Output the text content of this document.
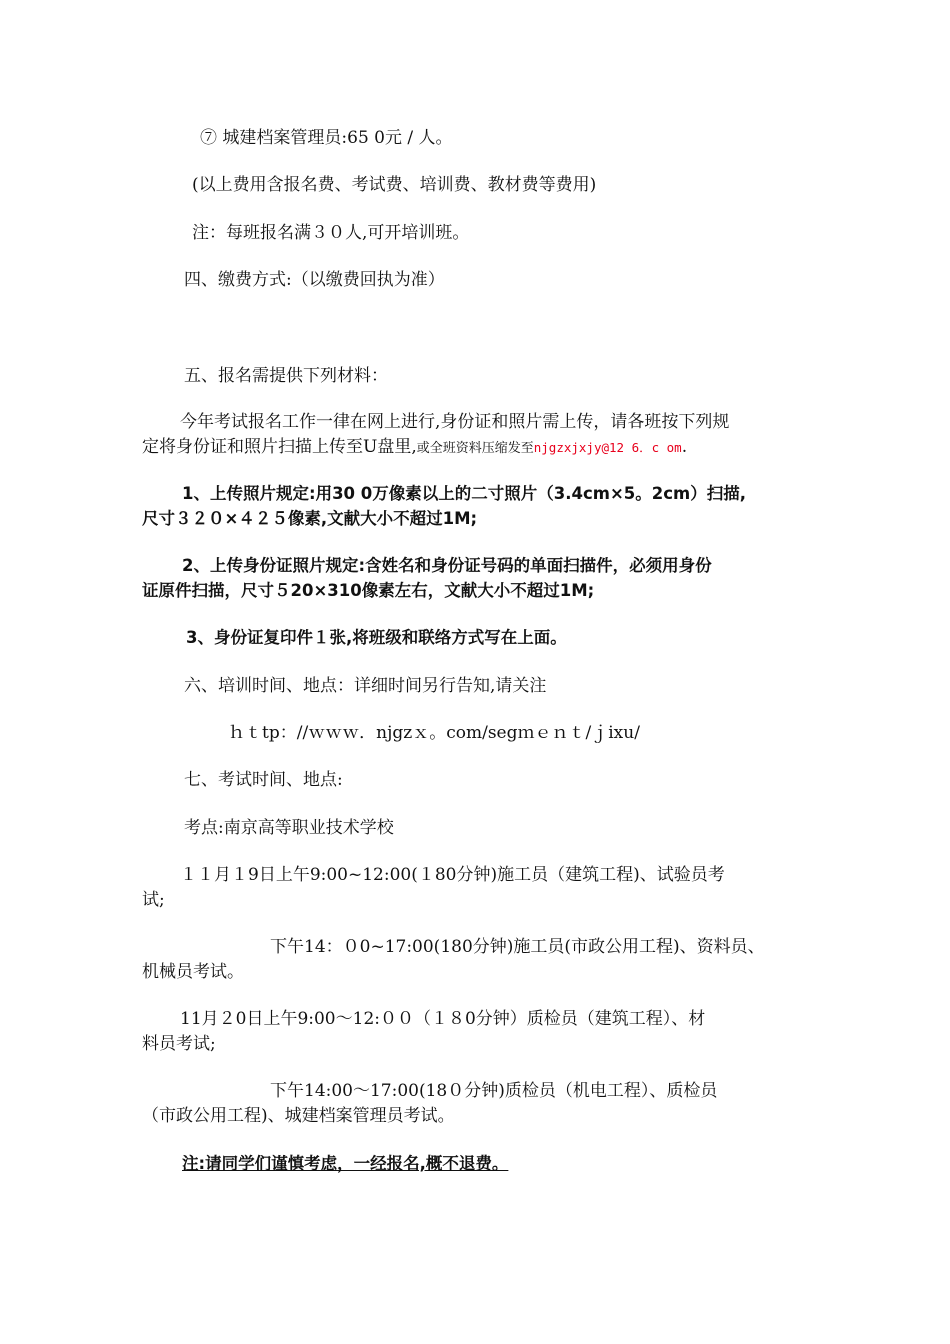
⑦ 城建档案管理员:65 0元 / 人。
(以上费用含报名费、考试费、培训费、教材费等费用)
注：每班报名满３０人,可开培训班。
四、缴费方式:（以缴费回执为准）
五、报名需提供下列材料：
今年考试报名工作一律在网上进行,身份证和照片需上传，请各班按下列规
定将身份证和照片扫描上传至U盘里,或全班资料压缩发至njgzxjxjy@12 6．c om.
1、上传照片规定:用30 0万像素以上的二寸照片（3.4cm×5。2cm）扫描,
尺寸３２０×４２５像素,文献大小不超过1M;
2、上传身份证照片规定:含姓名和身份证号码的单面扫描件，必须用身份
证原件扫描，尺寸５20×310像素左右，文献大小不超过1M;
3、身份证复印件１张,将班级和联络方式写在上面。
六、培训时间、地点：详细时间另行告知,请关注
ｈｔtp：//ｗｗｗ．njgzｘ。com/segｍｅｎｔ/ｊixu/
七、考试时间、地点:
考点:南京高等职业技术学校
１１月１9日上午9:00~12:00(１80分钟)施工员（建筑工程)、试验员考
试;
下午14：０0~17:00(180分钟)施工员(市政公用工程)、资料员、
机械员考试。
11月２0日上午9:00～12:００（１８0分钟）质检员（建筑工程）、材
料员考试;
下午14:00～17:00(18０分钟)质检员（机电工程）、质检员
（市政公用工程)、城建档案管理员考试。
注:请同学们谨慎考虑，一经报名,概不退费。
